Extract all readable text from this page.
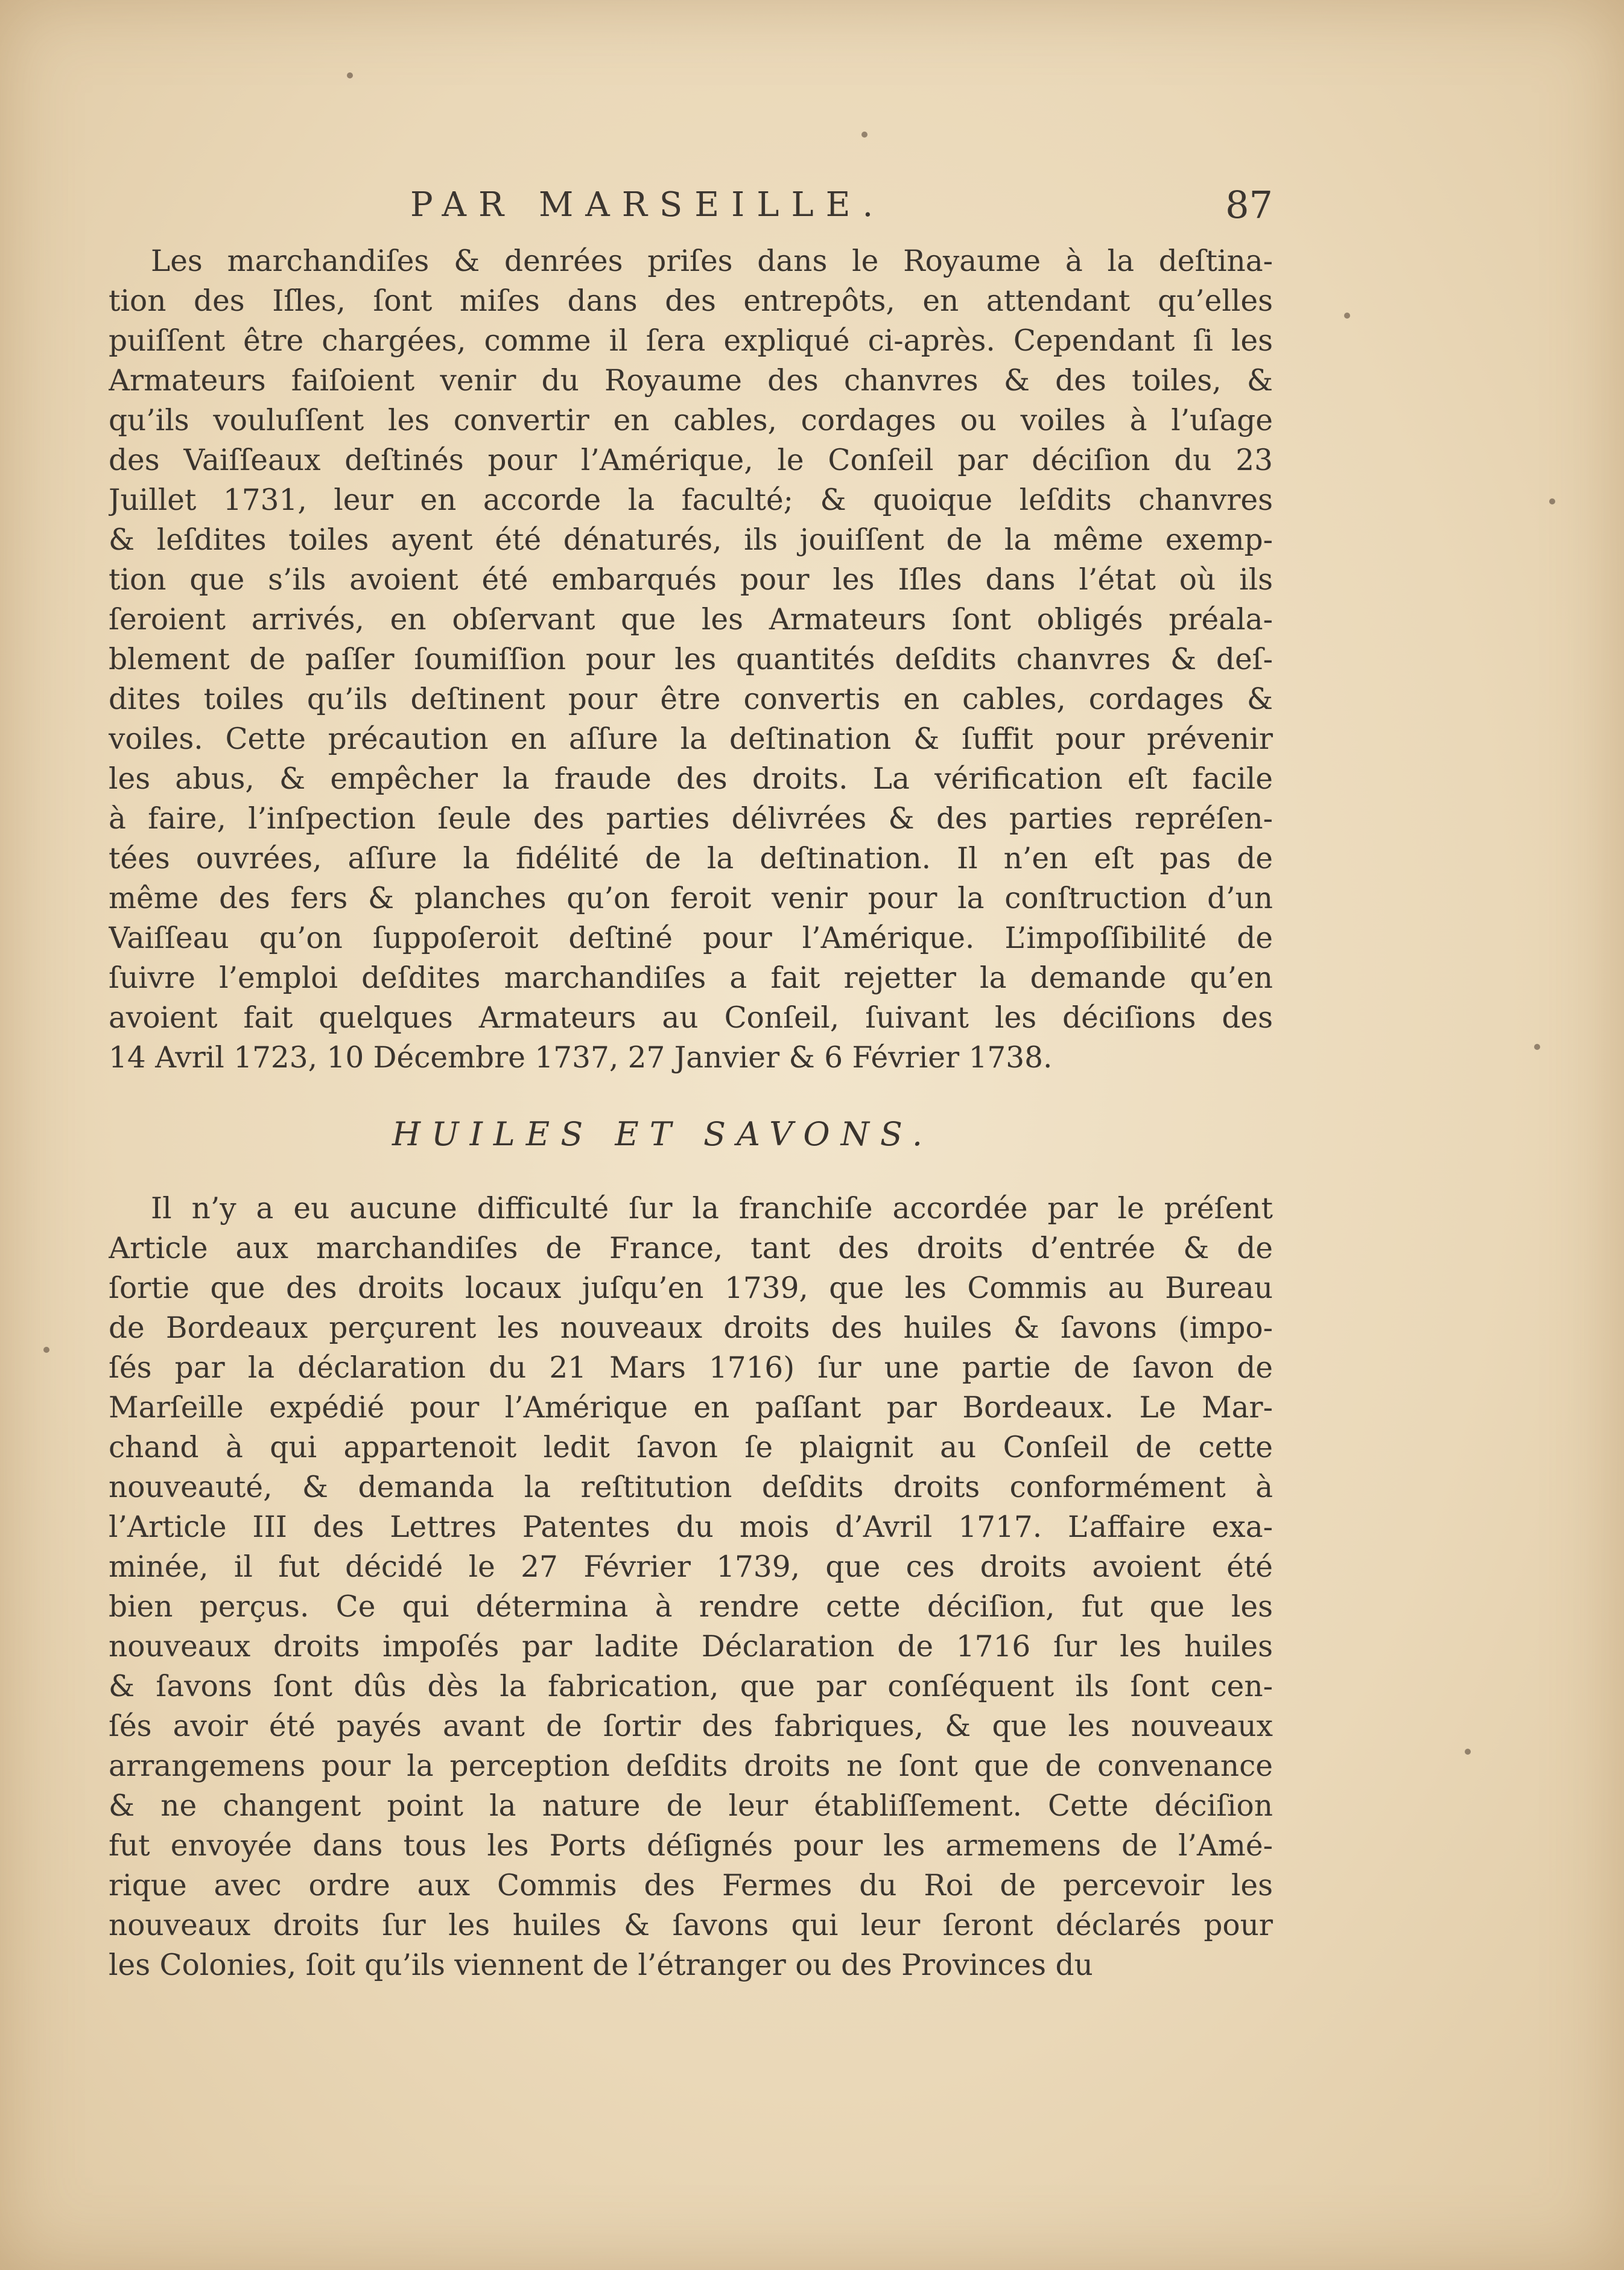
PAR MARSEILLE.	87
Les marchandiſes & denrées priſes dans le Royaume à la deſtina-
tion des Iſles, ſont miſes dans des entrepôts, en attendant qu’elles
puiſſent être chargées, comme il ſera expliqué ci-après. Cependant ſi les
Armateurs faiſoient venir du Royaume des chanvres & des toiles, &
qu’ils vouluſſent les convertir en cables, cordages ou voiles à l’uſage
des Vaiſſeaux deſtinés pour l’Amérique, le Conſeil par déciſion du 23
Juillet 1731, leur en accorde la faculté; & quoique leſdits chanvres
& leſdites toiles ayent été dénaturés, ils jouiſſent de la même exemp-
tion que s’ils avoient été embarqués pour les Iſles dans l’état où ils
ſeroient arrivés, en obſervant que les Armateurs ſont obligés préala-
blement de paſſer ſoumiſſion pour les quantités deſdits chanvres & deſ-
dites toiles qu’ils deſtinent pour être convertis en cables, cordages &
voiles. Cette précaution en aſſure la deſtination & ſuffit pour prévenir
les abus, & empêcher la fraude des droits. La vérification eſt facile
à faire, l’inſpection ſeule des parties délivrées & des parties repréſen-
tées ouvrées, aſſure la fidélité de la deſtination. Il n’en eſt pas de
même des fers & planches qu’on feroit venir pour la conſtruction d’un
Vaiſſeau qu’on ſuppoſeroit deſtiné pour l’Amérique. L’impoſſibilité de
ſuivre l’emploi deſdites marchandiſes a fait rejetter la demande qu’en
avoient fait quelques Armateurs au Conſeil, ſuivant les déciſions des
14 Avril 1723, 10 Décembre 1737, 27 Janvier & 6 Février 1738.
HUILES ET SAVONS.
Il n’y a eu aucune difficulté ſur la franchiſe accordée par le préſent
Article aux marchandiſes de France, tant des droits d’entrée & de
ſortie que des droits locaux juſqu’en 1739, que les Commis au Bureau
de Bordeaux perçurent les nouveaux droits des huiles & ſavons (impo-
ſés par la déclaration du 21 Mars 1716) ſur une partie de ſavon de
Marſeille expédié pour l’Amérique en paſſant par Bordeaux. Le Mar-
chand à qui appartenoit ledit ſavon ſe plaignit au Conſeil de cette
nouveauté, & demanda la reſtitution deſdits droits conformément à
l’Article III des Lettres Patentes du mois d’Avril 1717. L’affaire exa-
minée, il fut décidé le 27 Février 1739, que ces droits avoient été
bien perçus. Ce qui détermina à rendre cette déciſion, fut que les
nouveaux droits impoſés par ladite Déclaration de 1716 ſur les huiles
& ſavons ſont dûs dès la fabrication, que par conſéquent ils ſont cen-
ſés avoir été payés avant de ſortir des fabriques, & que les nouveaux
arrangemens pour la perception deſdits droits ne ſont que de convenance
& ne changent point la nature de leur établiſſement. Cette déciſion
fut envoyée dans tous les Ports déſignés pour les armemens de l’Amé-
rique avec ordre aux Commis des Fermes du Roi de percevoir les
nouveaux droits ſur les huiles & ſavons qui leur ſeront déclarés pour
les Colonies, ſoit qu’ils viennent de l’étranger ou des Provinces du
